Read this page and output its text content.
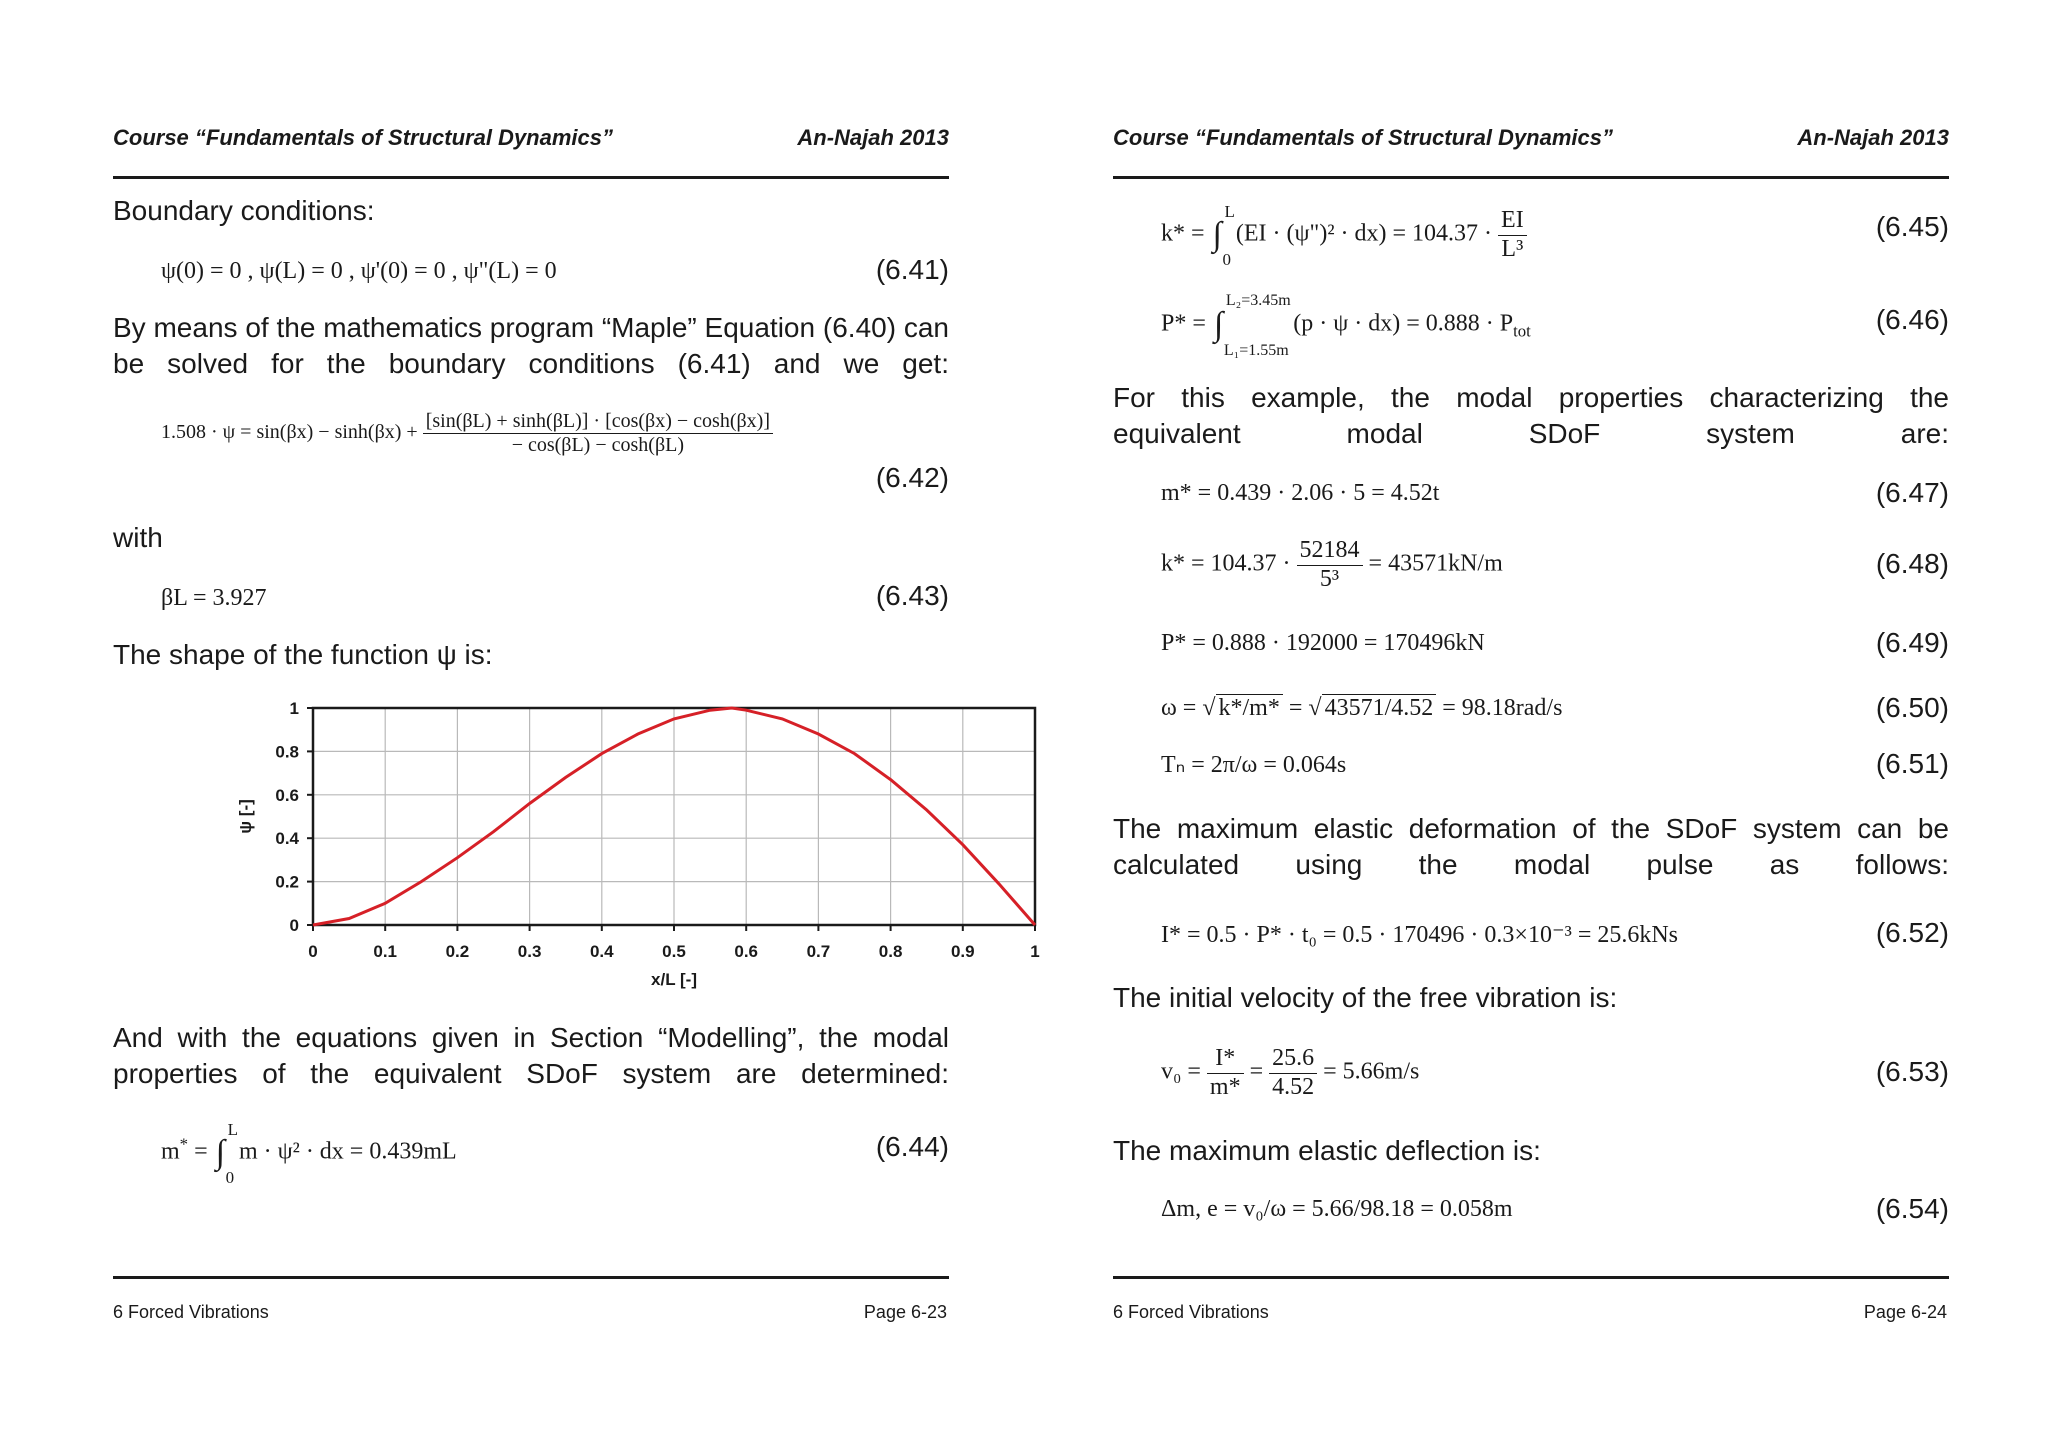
Course “Fundamentals of Structural Dynamics”	An-Najah 2013
Boundary conditions:
ψ(0) = 0 , ψ(L) = 0 , ψ'(0) = 0 , ψ"(L) = 0	(6.41)
By means of the mathematics program “Maple” Equation (6.40) can be solved for the boundary conditions (6.41) and we get:
$1.508 \cdot \psi = \sin(\beta x) - \sinh(\beta x) + \frac{[\sin(\beta L) + \sinh(\beta L)] \cdot [\cos(\beta x) - \cosh(\beta x)]}{- \cos(\beta L) - \cosh(\beta L)}$
(6.42)
with
βL = 3.927	(6.43)
The shape of the function ψ is:
0	0.1	0.2	0.3	0.4	0.5	0.6	0.7	0.8	0.9	1
0
0.2
0.4
0.6
0.8
1
x/L [-]
ψ [-]
And with the equations given in Section “Modelling”, the modal properties of the equivalent SDoF system are determined:
m* = ∫
L
0
m · ψ² · dx = 0.439mL	(6.44)
6 Forced Vibrations	Page 6-23
Course “Fundamentals of Structural Dynamics”	An-Najah 2013
k* = ∫
L
0
(EI · (ψ")² · $dx) = 104.37 \cdot \frac{EI}{\text{L³}}$	(6.45)
P* = ∫
L₂=3.45m
L₁=1.55m
$(p \cdot \psi \cdot dx) = 0.888 \cdot P_{tot}$	(6.46)
For this example, the modal properties characterizing the equivalent modal SDoF system are:
m* = 0.439 · 2.06 · 5 = 4.52t	(6.47)
$k* = 104.37 \cdot \frac{52184}{\text{5³}} = 43571kN/m$	(6.48)
P* = 0.888 · 192000 = 170496kN	(6.49)
ω = √ k*/m* = √ 43571/4.52 = 98.18rad/s	(6.50)
Tₙ = 2π/ω = 0.064s	(6.51)
The maximum elastic deformation of the SDoF system can be calculated using the modal pulse as follows:
I* = 0.5 · P* · t₀ = 0.5 · 170496 · 0.3×10⁻³ = 25.6kNs	(6.52)
The initial velocity of the free vibration is:
$v_0 = \frac{I*}{m*} = \frac{25.6}{4.52} = 5.66m/s$	(6.53)
The maximum elastic deflection is:
Δm, e = v₀/ω = 5.66/98.18 = 0.058m	(6.54)
6 Forced Vibrations	Page 6-24
